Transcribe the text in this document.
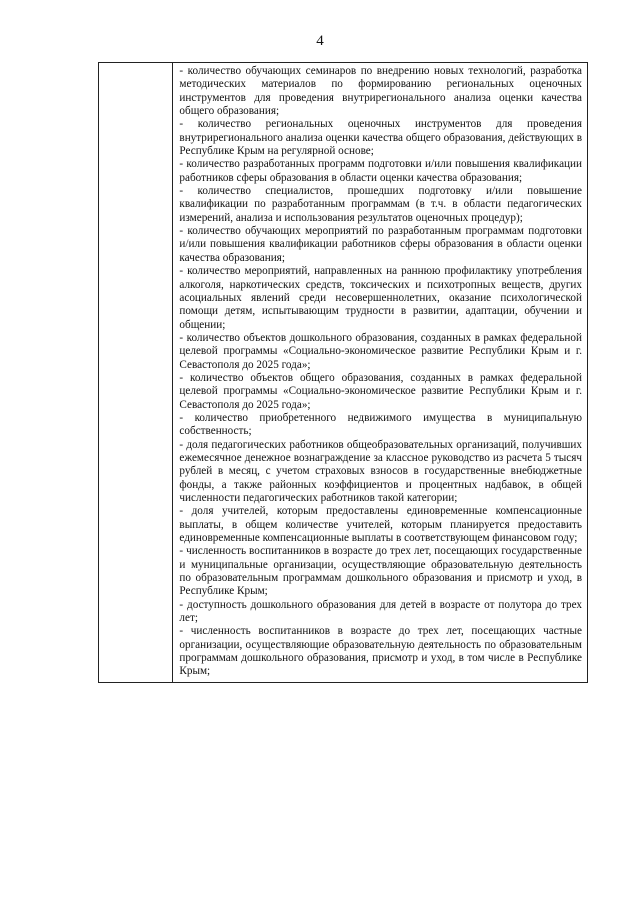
4

- количество обучающих семинаров по внедрению новых технологий, разработка методических материалов по формированию региональных оценочных инструментов для проведения внутрирегионального анализа оценки качества общего образования;

- количество региональных оценочных инструментов для проведения внутрирегионального анализа оценки качества общего образования, действующих в Республике Крым на регулярной основе;

- количество разработанных программ подготовки и/или повышения квалификации работников сферы образования в области оценки качества образования;

- количество специалистов, прошедших подготовку и/или повышение квалификации по разработанным программам (в т.ч. в области педагогических измерений, анализа и использования результатов оценочных процедур);

- количество обучающих мероприятий по разработанным программам подготовки и/или повышения квалификации работников сферы образования в области оценки качества образования;

- количество мероприятий, направленных на раннюю профилактику употребления алкоголя, наркотических средств, токсических и психотропных веществ, других асоциальных явлений среди несовершеннолетних, оказание психологической помощи детям, испытывающим трудности в развитии, адаптации, обучении и общении;

- количество объектов дошкольного образования, созданных в рамках федеральной целевой программы «Социально-экономическое развитие Республики Крым и г. Севастополя до 2025 года»;

- количество объектов общего образования, созданных в рамках федеральной целевой программы «Социально-экономическое развитие Республики Крым и г. Севастополя до 2025 года»;

- количество приобретенного недвижимого имущества в муниципальную собственность;

- доля педагогических работников общеобразовательных организаций, получивших ежемесячное денежное вознаграждение за классное руководство из расчета 5 тысяч рублей в месяц, с учетом страховых взносов в государственные внебюджетные фонды, а также районных коэффициентов и процентных надбавок, в общей численности педагогических работников такой категории;

- доля учителей, которым предоставлены единовременные компенсационные выплаты, в общем количестве учителей, которым планируется предоставить единовременные компенсационные выплаты в соответствующем финансовом году;

- численность воспитанников в возрасте до трех лет, посещающих государственные и муниципальные организации, осуществляющие образовательную деятельность по образовательным программам дошкольного образования и присмотр и уход, в Республике Крым;

- доступность дошкольного образования для детей в возрасте от полутора до трех лет;

- численность воспитанников в возрасте до трех лет, посещающих частные организации, осуществляющие образовательную деятельность по образовательным программам дошкольного образования, присмотр и уход, в том числе в Республике Крым;
